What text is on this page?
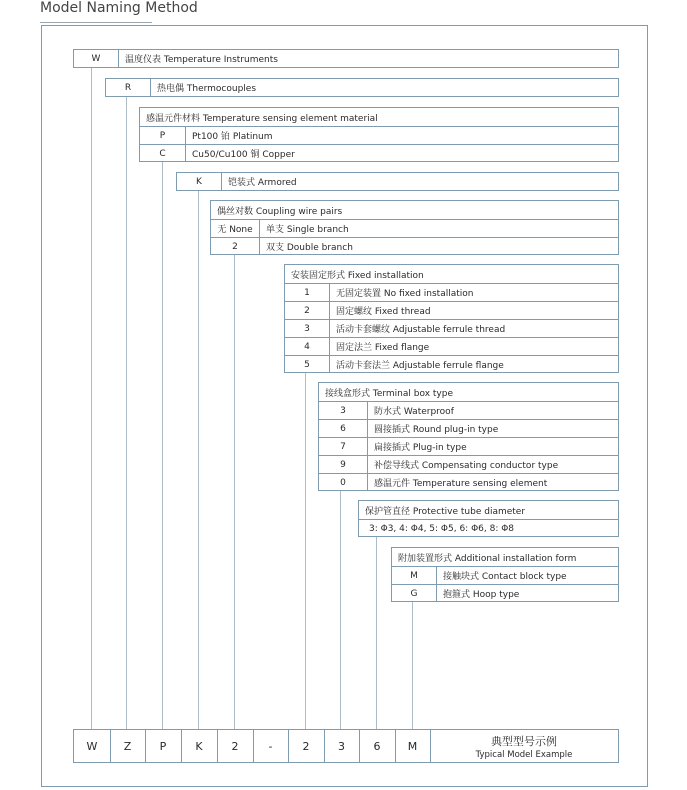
Model Naming Method
W	温度仪表 Temperature Instruments
R	热电偶 Thermocouples
感温元件材料 Temperature sensing element material
P	Pt100 铂 Platinum
C	Cu50/Cu100 铜 Copper
K	铠装式 Armored
偶丝对数 Coupling wire pairs
无 None	单支 Single branch
2	双支 Double branch
安装固定形式 Fixed installation
1	无固定装置 No fixed installation
2	固定螺纹 Fixed thread
3	活动卡套螺纹 Adjustable ferrule thread
4	固定法兰 Fixed flange
5	活动卡套法兰 Adjustable ferrule flange
接线盒形式 Terminal box type
3	防水式 Waterproof
6	圆接插式 Round plug-in type
7	扁接插式 Plug-in type
9	补偿导线式 Compensating conductor type
0	感温元件 Temperature sensing element
保护管直径 Protective tube diameter
3: Φ3, 4: Φ4, 5: Φ5, 6: Φ6, 8: Φ8
附加装置形式 Additional installation form
M	接触块式 Contact block type
G	抱箍式 Hoop type
W	Z	P	K	2	-	2	3	6	M	典型型号示例
Typical Model Example
